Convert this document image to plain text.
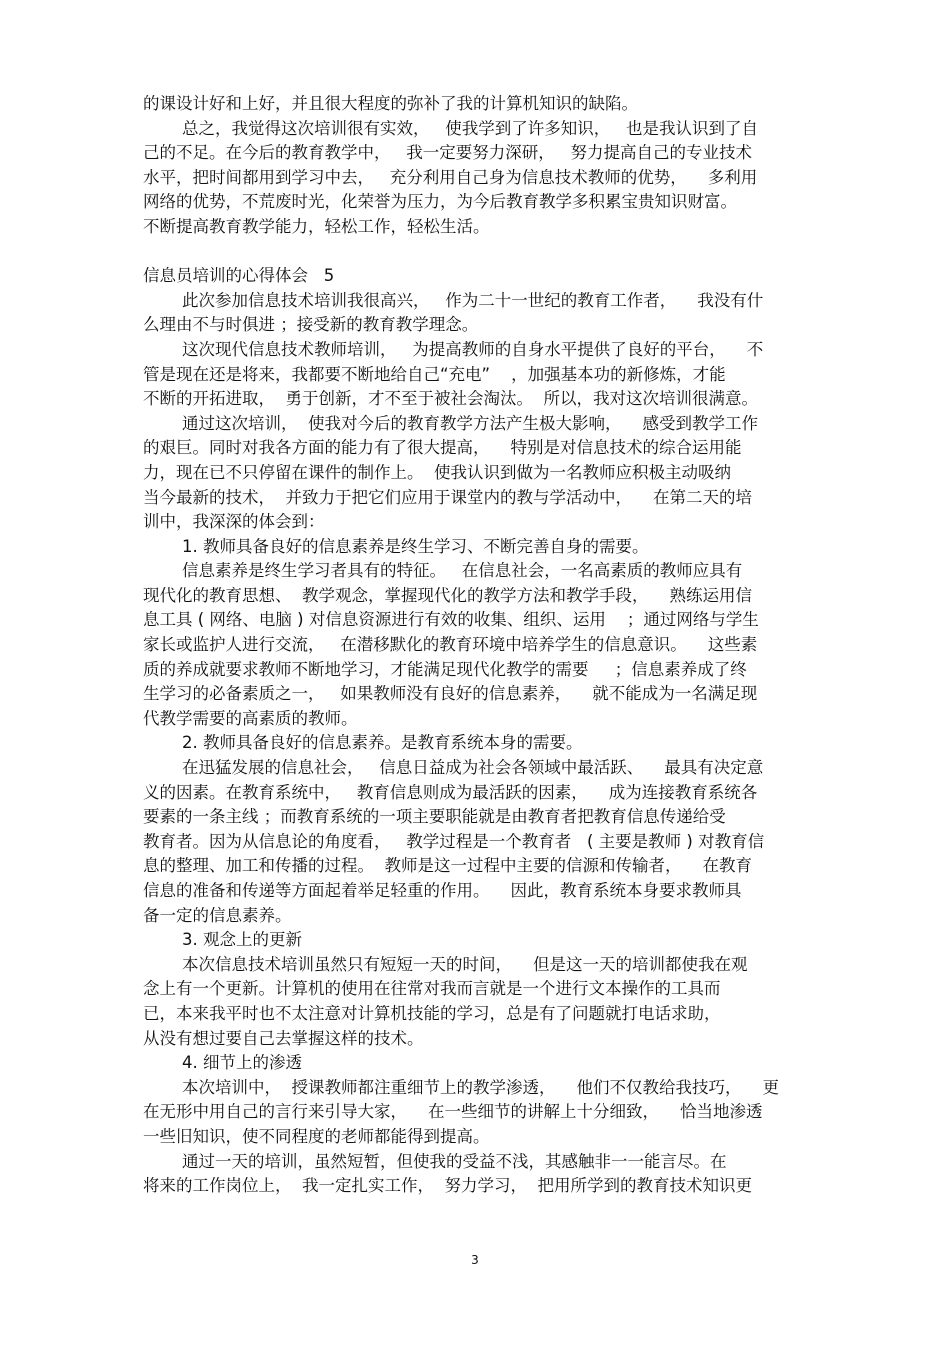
的课设计好和上好，并且很大程度的弥补了我的计算机知识的缺陷。
总之，我觉得这次培训很有实效，   使我学到了许多知识，   也是我认识到了自
己的不足。在今后的教育教学中，   我一定要努力深研，   努力提高自己的专业技术
水平，把时间都用到学习中去，   充分利用自己身为信息技术教师的优势，    多利用
网络的优势，不荒废时光，化荣誉为压力，为今后教育教学多积累宝贵知识财富。
不断提高教育教学能力，轻松工作，轻松生活。
信息员培训的心得体会   5
此次参加信息技术培训我很高兴，   作为二十一世纪的教育工作者，    我没有什
么理由不与时俱进 ；接受新的教育教学理念。
这次现代信息技术教师培训，   为提高教师的自身水平提供了良好的平台，    不
管是现在还是将来，我都要不断地给自己“充电”    ，加强基本功的新修炼，才能
不断的开拓进取，  勇于创新，才不至于被社会淘汰。  所以，我对这次培训很满意。
通过这次培训，  使我对今后的教育教学方法产生极大影响，    感受到教学工作
的艰巨。同时对我各方面的能力有了很大提高，    特别是对信息技术的综合运用能
力，现在已不只停留在课件的制作上。  使我认识到做为一名教师应积极主动吸纳
当今最新的技术，  并致力于把它们应用于课堂内的教与学活动中，    在第二天的培
训中，我深深的体会到：
1. 教师具备良好的信息素养是终生学习、不断完善自身的需要。
信息素养是终生学习者具有的特征。   在信息社会，一名高素质的教师应具有
现代化的教育思想、  教学观念，掌握现代化的教学方法和教学手段，    熟练运用信
息工具 ( 网络、电脑 ) 对信息资源进行有效的收集、组织、运用    ；通过网络与学生
家长或监护人进行交流，   在潜移默化的教育环境中培养学生的信息意识。    这些素
质的养成就要求教师不断地学习，才能满足现代化教学的需要     ；信息素养成了终
生学习的必备素质之一，   如果教师没有良好的信息素养，    就不能成为一名满足现
代教学需要的高素质的教师。
2. 教师具备良好的信息素养。是教育系统本身的需要。
在迅猛发展的信息社会，   信息日益成为社会各领域中最活跃、    最具有决定意
义的因素。在教育系统中，   教育信息则成为最活跃的因素，    成为连接教育系统各
要素的一条主线 ；而教育系统的一项主要职能就是由教育者把教育信息传递给受
教育者。因为从信息论的角度看，   教学过程是一个教育者   ( 主要是教师 ) 对教育信
息的整理、加工和传播的过程。  教师是这一过程中主要的信源和传输者，    在教育
信息的准备和传递等方面起着举足轻重的作用。    因此，教育系统本身要求教师具
备一定的信息素养。
3. 观念上的更新
本次信息技术培训虽然只有短短一天的时间，    但是这一天的培训都使我在观
念上有一个更新。计算机的使用在往常对我而言就是一个进行文本操作的工具而
已，本来我平时也不太注意对计算机技能的学习，总是有了问题就打电话求助，
从没有想过要自己去掌握这样的技术。
4. 细节上的渗透
本次培训中，  授课教师都注重细节上的教学渗透，    他们不仅教给我技巧，    更
在无形中用自己的言行来引导大家，    在一些细节的讲解上十分细致，    恰当地渗透
一些旧知识，使不同程度的老师都能得到提高。
通过一天的培训，虽然短暂，但使我的受益不浅，其感触非一一能言尽。在
将来的工作岗位上，  我一定扎实工作，  努力学习，  把用所学到的教育技术知识更
3
